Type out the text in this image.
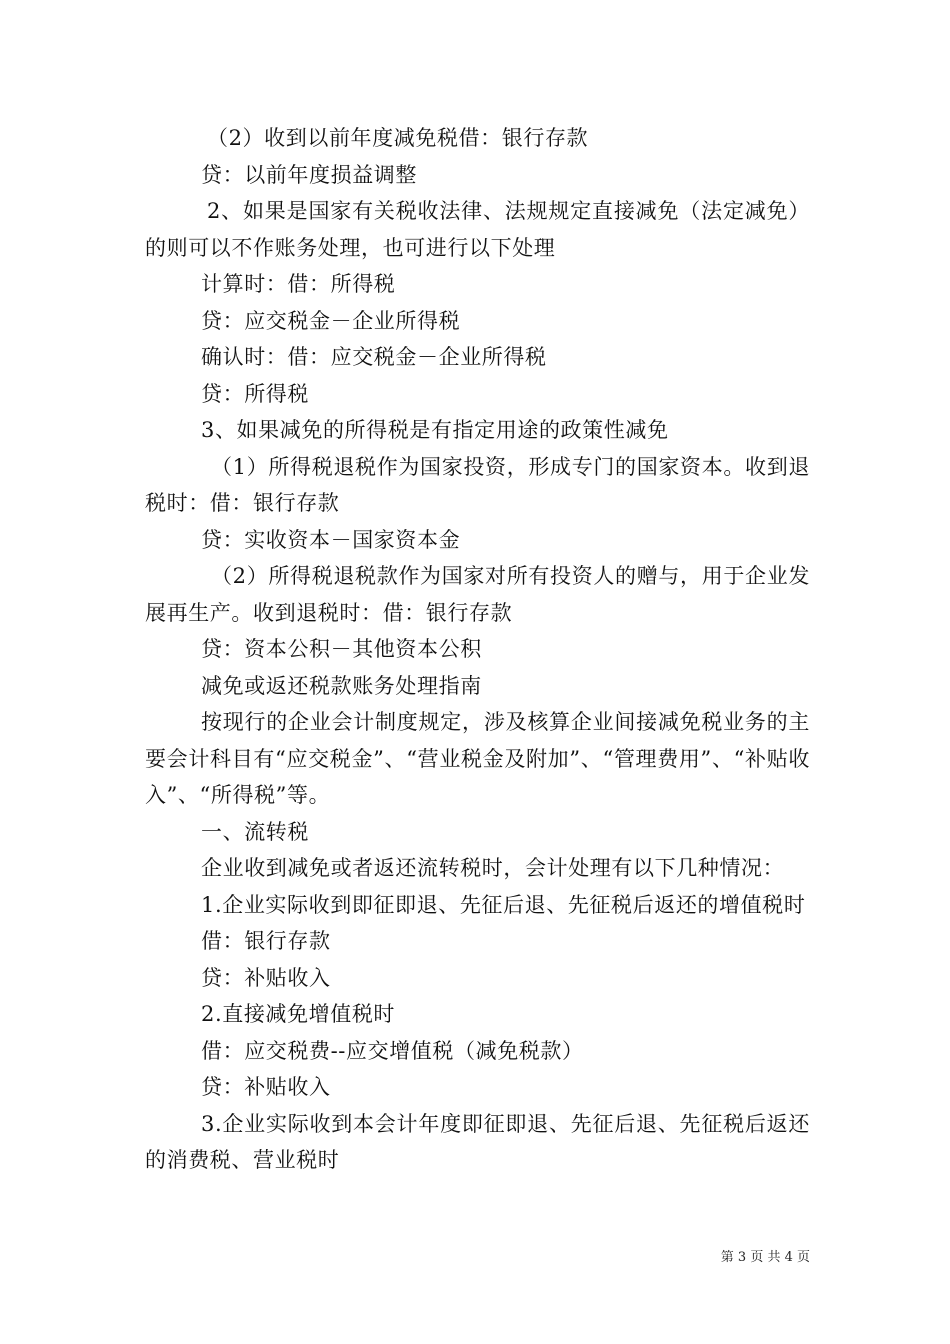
（2）收到以前年度减免税借：银行存款

贷：以前年度损益调整

2、如果是国家有关税收法律、法规规定直接减免（法定减免）的则可以不作账务处理，也可进行以下处理

计算时：借：所得税

贷：应交税金－企业所得税

确认时：借：应交税金－企业所得税

贷：所得税

3、如果减免的所得税是有指定用途的政策性减免

（1）所得税退税作为国家投资，形成专门的国家资本。收到退税时：借：银行存款

贷：实收资本－国家资本金

（2）所得税退税款作为国家对所有投资人的赠与，用于企业发展再生产。收到退税时：借：银行存款

贷：资本公积－其他资本公积

减免或返还税款账务处理指南

按现行的企业会计制度规定，涉及核算企业间接减免税业务的主要会计科目有“应交税金”、“营业税金及附加”、“管理费用”、“补贴收入”、“所得税”等。

一、流转税

企业收到减免或者返还流转税时，会计处理有以下几种情况：

1.企业实际收到即征即退、先征后退、先征税后返还的增值税时

借：银行存款

贷：补贴收入

2.直接减免增值税时

借：应交税费--应交增值税（减免税款）

贷：补贴收入

3.企业实际收到本会计年度即征即退、先征后退、先征税后返还的消费税、营业税时

第 3 页 共 4 页
